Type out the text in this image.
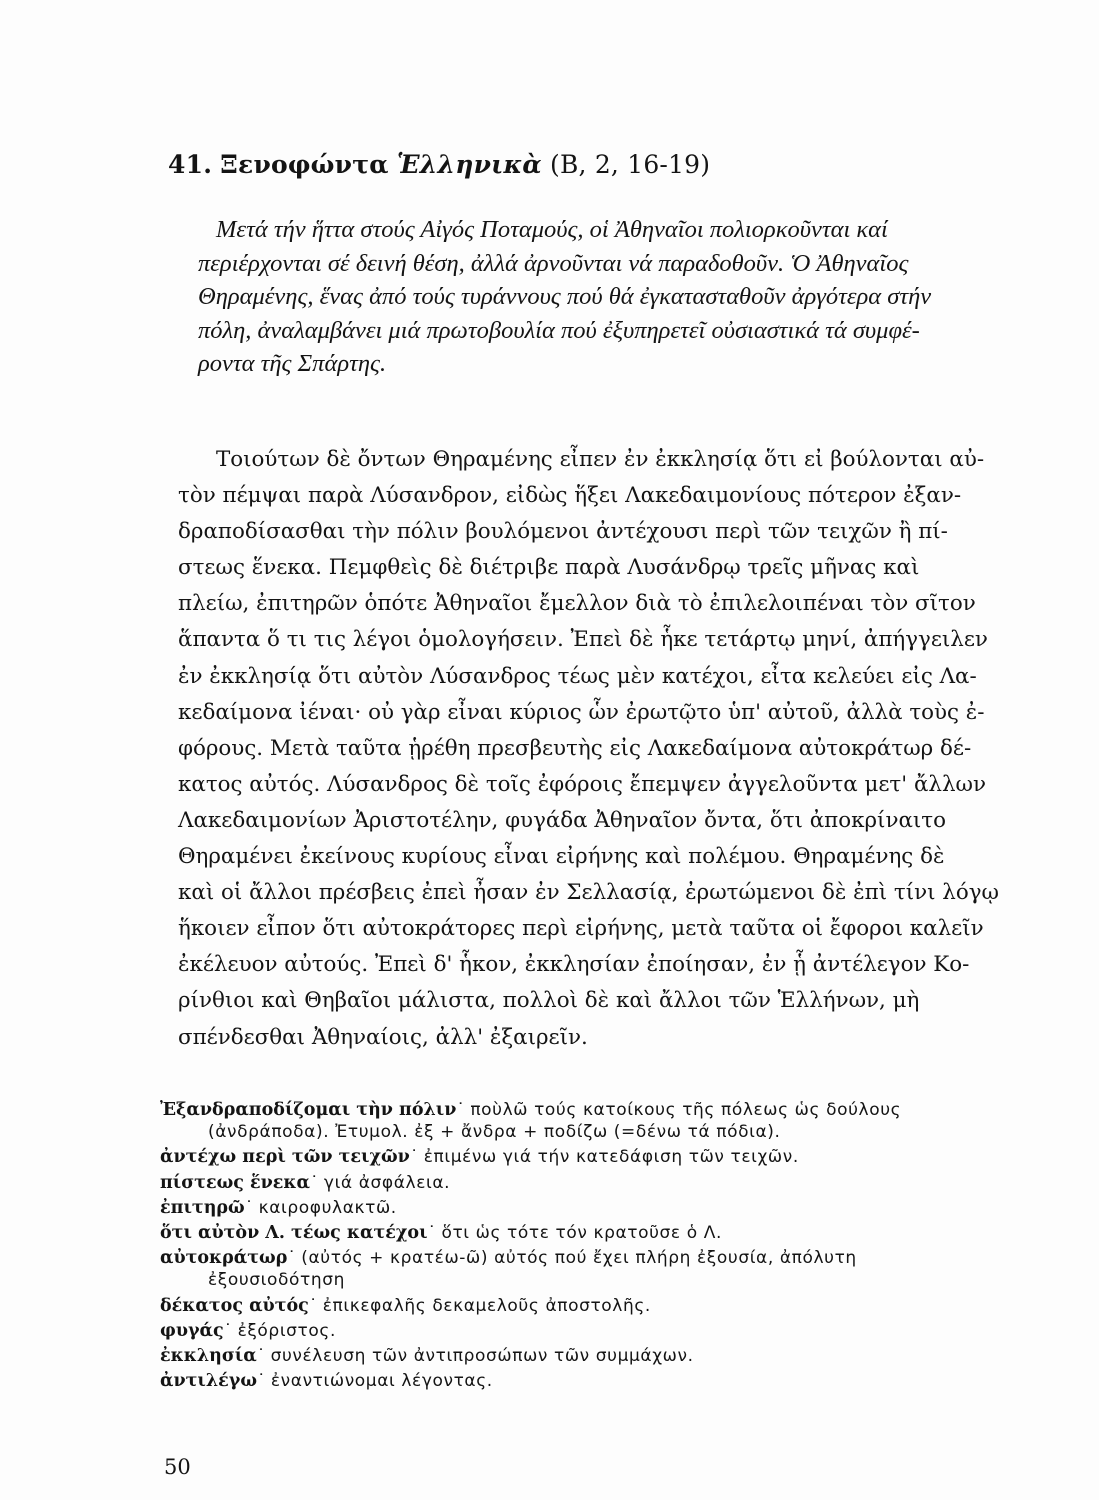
41. Ξενοφώντα Ἑλληνικὰ (Β, 2, 16-19)
Μετά τήν ἥττα στούς Αἰγός Ποταμούς, οἱ Ἀθηναῖοι πολιορκοῦνται καί
περιέρχονται σέ δεινή θέση, ἀλλά ἀρνοῦνται νά παραδοθοῦν. Ὁ Ἀθηναῖος
Θηραμένης, ἕνας ἀπό τούς τυράννους πού θά ἐγκατασταθοῦν ἀργότερα στήν
πόλη, ἀναλαμβάνει μιά πρωτοβουλία πού ἐξυπηρετεῖ οὐσιαστικά τά συμφέ-
ροντα τῆς Σπάρτης.
Τοιούτων δὲ ὄντων Θηραμένης εἶπεν ἐν ἐκκλησίᾳ ὅτι εἰ βούλονται αὐ-
τὸν πέμψαι παρὰ Λύσανδρον, εἰδὼς ἥξει Λακεδαιμονίους πότερον ἐξαν-
δραποδίσασθαι τὴν πόλιν βουλόμενοι ἀντέχουσι περὶ τῶν τειχῶν ἢ πί-
στεως ἕνεκα. Πεμφθεὶς δὲ διέτριβε παρὰ Λυσάνδρῳ τρεῖς μῆνας καὶ
πλείω, ἐπιτηρῶν ὁπότε Ἀθηναῖοι ἔμελλον διὰ τὸ ἐπιλελοιπέναι τὸν σῖτον
ἅπαντα ὅ τι τις λέγοι ὁμολογήσειν. Ἐπεὶ δὲ ἧκε τετάρτῳ μηνί, ἀπήγγειλεν
ἐν ἐκκλησίᾳ ὅτι αὐτὸν Λύσανδρος τέως μὲν κατέχοι, εἶτα κελεύει εἰς Λα-
κεδαίμονα ἰέναι· οὐ γὰρ εἶναι κύριος ὧν ἐρωτῷτο ὑπ' αὐτοῦ, ἀλλὰ τοὺς ἐ-
φόρους. Μετὰ ταῦτα ᾑρέθη πρεσβευτὴς εἰς Λακεδαίμονα αὐτοκράτωρ δέ-
κατος αὐτός. Λύσανδρος δὲ τοῖς ἐφόροις ἔπεμψεν ἀγγελοῦντα μετ' ἄλλων
Λακεδαιμονίων Ἀριστοτέλην, φυγάδα Ἀθηναῖον ὄντα, ὅτι ἀποκρίναιτο
Θηραμένει ἐκείνους κυρίους εἶναι εἰρήνης καὶ πολέμου. Θηραμένης δὲ
καὶ οἱ ἄλλοι πρέσβεις ἐπεὶ ἦσαν ἐν Σελλασίᾳ, ἐρωτώμενοι δὲ ἐπὶ τίνι λόγῳ
ἥκοιεν εἶπον ὅτι αὐτοκράτορες περὶ εἰρήνης, μετὰ ταῦτα οἱ ἔφοροι καλεῖν
ἐκέλευον αὐτούς. Ἐπεὶ δ' ἧκον, ἐκκλησίαν ἐποίησαν, ἐν ᾗ ἀντέλεγον Κο-
ρίνθιοι καὶ Θηβαῖοι μάλιστα, πολλοὶ δὲ καὶ ἄλλοι τῶν Ἑλλήνων, μὴ
σπένδεσθαι Ἀθηναίοις, ἀλλ' ἐξαιρεῖν.
Ἐξανδραποδίζομαι τὴν πόλιν˙ ποὺλῶ τούς κατοίκους τῆς πόλεως ὡς δούλους
(ἀνδράποδα). Ἐτυμολ. ἐξ + ἄνδρα + ποδίζω (=δένω τά πόδια).
ἀντέχω περὶ τῶν τειχῶν˙ ἐπιμένω γιά τήν κατεδάφιση τῶν τειχῶν.
πίστεως ἕνεκα˙ γιά ἀσφάλεια.
ἐπιτηρῶ˙ καιροφυλακτῶ.
ὅτι αὐτὸν Λ. τέως κατέχοι˙ ὅτι ὡς τότε τόν κρατοῦσε ὁ Λ.
αὐτοκράτωρ˙ (αὐτός + κρατέω-ῶ) αὐτός πού ἔχει πλήρη ἐξουσία, ἀπόλυτη
ἐξουσιοδότηση
δέκατος αὐτός˙ ἐπικεφαλῆς δεκαμελοῦς ἀποστολῆς.
φυγάς˙ ἐξόριστος.
ἐκκλησία˙ συνέλευση τῶν ἀντιπροσώπων τῶν συμμάχων.
ἀντιλέγω˙ ἐναντιώνομαι λέγοντας.
50
